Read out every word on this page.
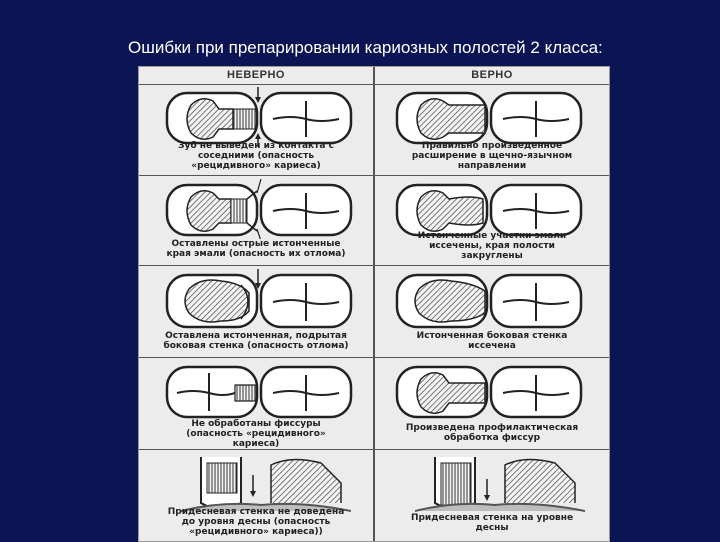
Ошибки при препарировании кариозных полостей 2 класса:
НЕВЕРНО	ВЕРНО
Зуб не выведен из контакта с
соседними (опасность
«рецидивного» кариеса)
Правильно произведенное
расширение в щечно-язычном
направлении
Оставлены острые истонченные
края эмали (опасность их отлома)
Истонченные участки эмали
иссечены, края полости
закруглены
Оставлена истонченная, подрытая
боковая стенка (опасность отлома)
Истонченная боковая стенка
иссечена
Не обработаны фиссуры
(опасность «рецидивного»
кариеса)
Произведена профилактическая
обработка фиссур
Придесневая стенка не доведена
до уровня десны (опасность
«рецидивного» кариеса))
Придесневая стенка на уровне
десны
